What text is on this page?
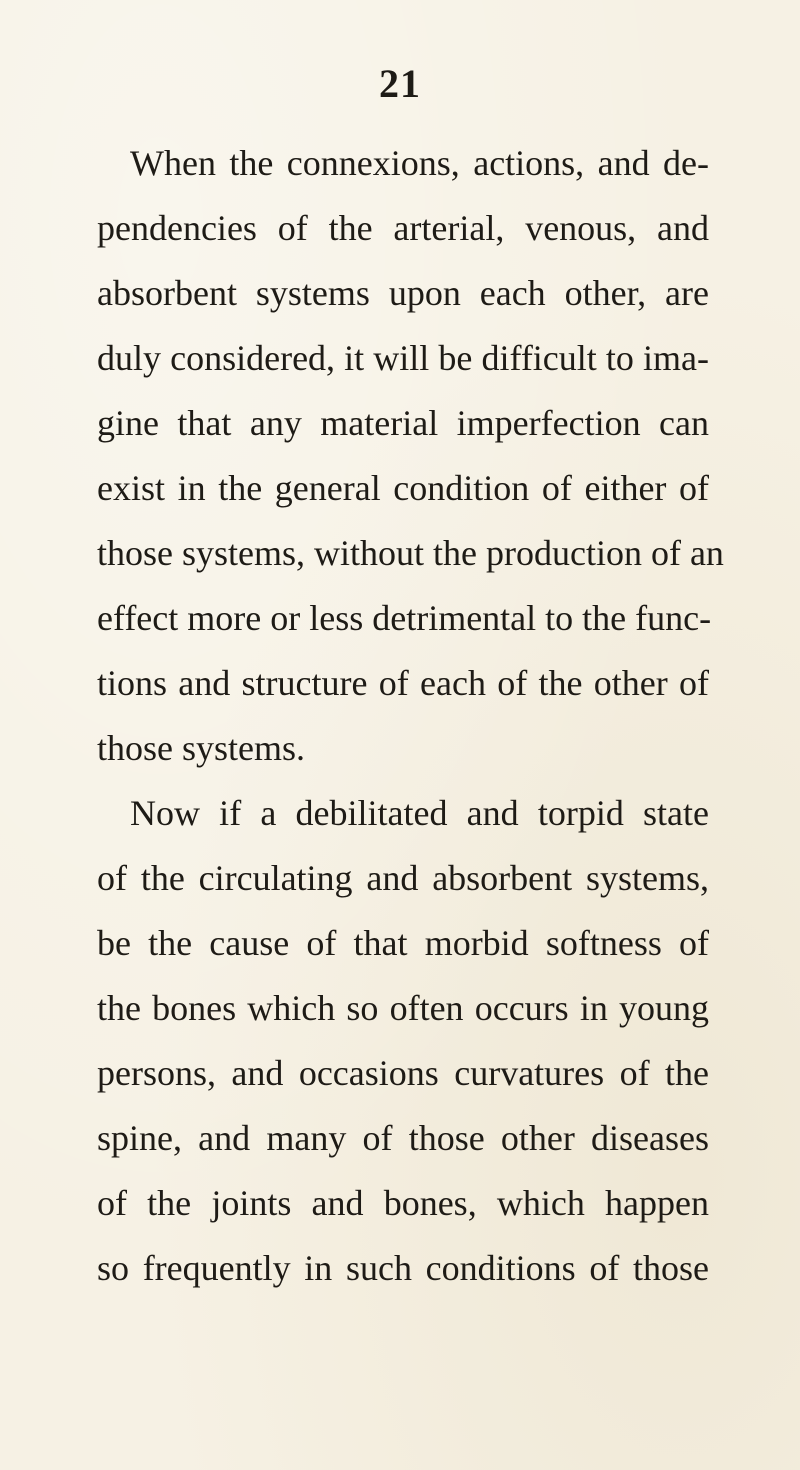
21
When the connexions, actions, and de-
pendencies of the arterial, venous, and
absorbent systems upon each other, are
duly considered, it will be difficult to ima-
gine that any material imperfection can
exist in the general condition of either of
those systems, without the production of an
effect more or less detrimental to the func-
tions and structure of each of the other of
those systems.
Now if a debilitated and torpid state
of the circulating and absorbent systems,
be the cause of that morbid softness of
the bones which so often occurs in young
persons, and occasions curvatures of the
spine, and many of those other diseases
of the joints and bones, which happen
so frequently in such conditions of those
